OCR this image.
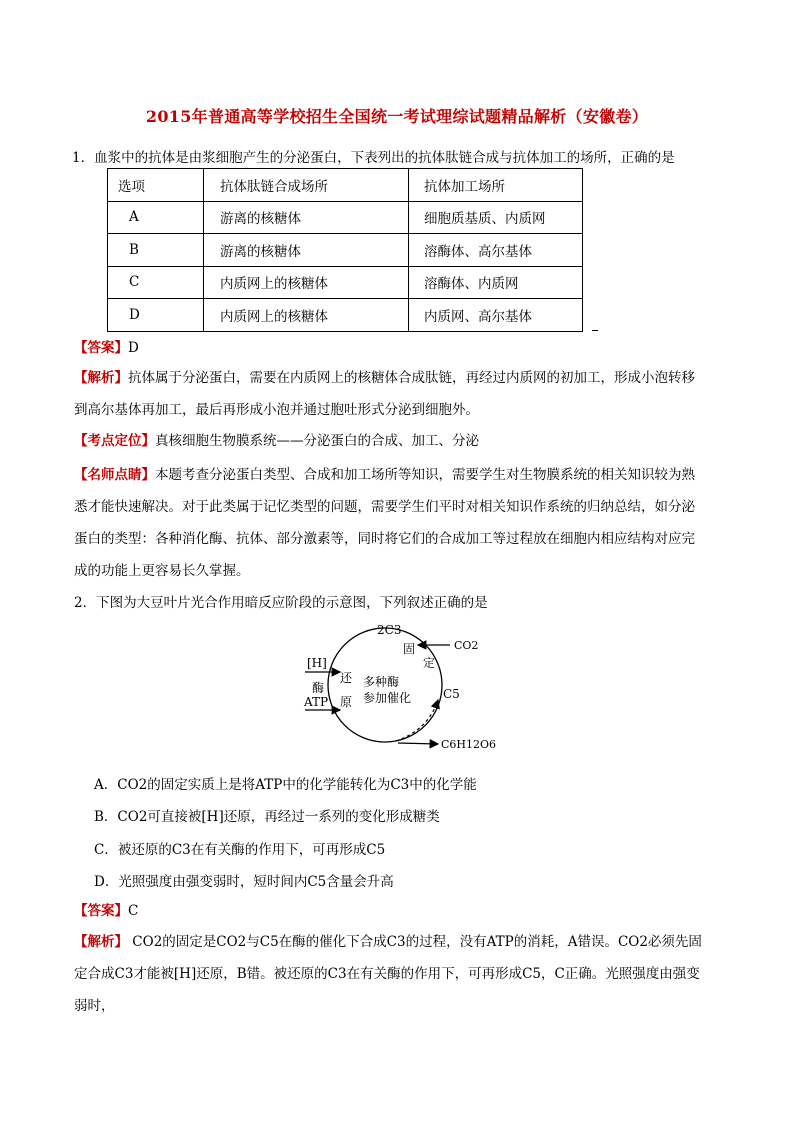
2015年普通高等学校招生全国统一考试理综试题精品解析（安徽卷）
1．血浆中的抗体是由浆细胞产生的分泌蛋白，下表列出的抗体肽链合成与抗体加工的场所，正确的是
选项	抗体肽链合成场所	抗体加工场所
A	游离的核糖体	细胞质基质、内质网
B	游离的核糖体	溶酶体、高尔基体
C	内质网上的核糖体	溶酶体、内质网
D	内质网上的核糖体	内质网、高尔基体
【答案】D
【解析】抗体属于分泌蛋白，需要在内质网上的核糖体合成肽链，再经过内质网的初加工，形成小泡转移
到高尔基体再加工，最后再形成小泡并通过胞吐形式分泌到细胞外。
【考点定位】真核细胞生物膜系统——分泌蛋白的合成、加工、分泌
【名师点睛】本题考查分泌蛋白类型、合成和加工场所等知识，需要学生对生物膜系统的相关知识较为熟
悉才能快速解决。对于此类属于记忆类型的问题，需要学生们平时对相关知识作系统的归纳总结，如分泌
蛋白的类型：各种消化酶、抗体、部分激素等，同时将它们的合成加工等过程放在细胞内相应结构对应完
成的功能上更容易长久掌握。
2．下图为大豆叶片光合作用暗反应阶段的示意图，下列叙述正确的是
2C3
CO2
固
定
[H]
酶
ATP
还
原
多种酶
参加催化	C5
C6H12O6
A．CO2的固定实质上是将ATP中的化学能转化为C3中的化学能
B．CO2可直接被[H]还原，再经过一系列的变化形成糖类
C．被还原的C3在有关酶的作用下，可再形成C5
D．光照强度由强变弱时，短时间内C5含量会升高
【答案】C
【解析】 CO2的固定是CO2与C5在酶的催化下合成C3的过程，没有ATP的消耗，A错误。CO2必须先固
定合成C3才能被[H]还原，B错。被还原的C3在有关酶的作用下，可再形成C5，C正确。光照强度由强变
弱时，
